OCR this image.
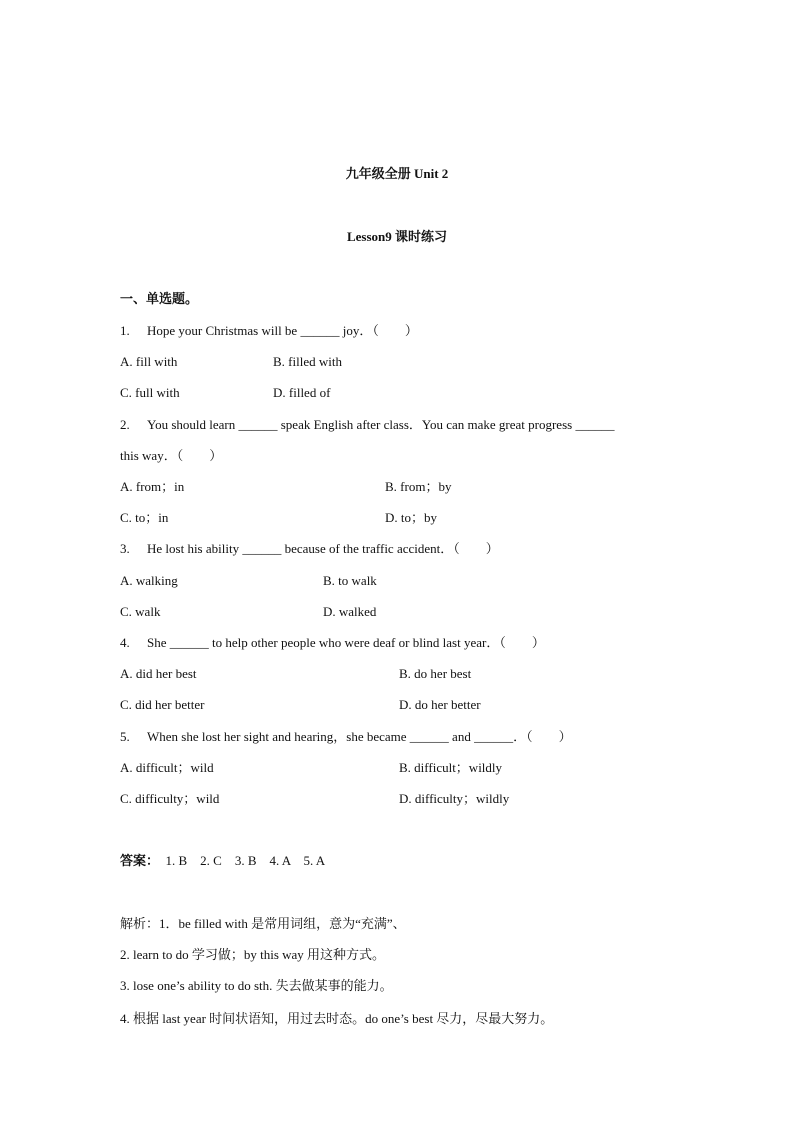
九年级全册 Unit 2
Lesson9 课时练习
一、单选题。
1. Hope your Christmas will be ______ joy．（　　）
A. fill with	B. filled with
C. full with	D. filled of
2. You should learn ______ speak English after class．You can make great progress ______
this way．（　　）
A. from；in	B. from；by
C. to；in	D. to；by
3. He lost his ability ______ because of the traffic accident．（　　）
A. walking	B. to walk
C. walk	D. walked
4. She ______ to help other people who were deaf or blind last year．（　　）
A. did her best	B. do her best
C. did her better	D. do her better
5. When she lost her sight and hearing，she became ______ and ______．（　　）
A. difficult；wild	B. difficult；wildly
C. difficulty；wild	D. difficulty；wildly
答案： 1. B    2. C    3. B    4. A    5. A
解析：1．be filled with 是常用词组，意为“充满”、
2. learn to do 学习做；by this way 用这种方式。
3. lose one’s ability to do sth. 失去做某事的能力。
4. 根据 last year 时间状语知，用过去时态。do one’s best 尽力，尽最大努力。
